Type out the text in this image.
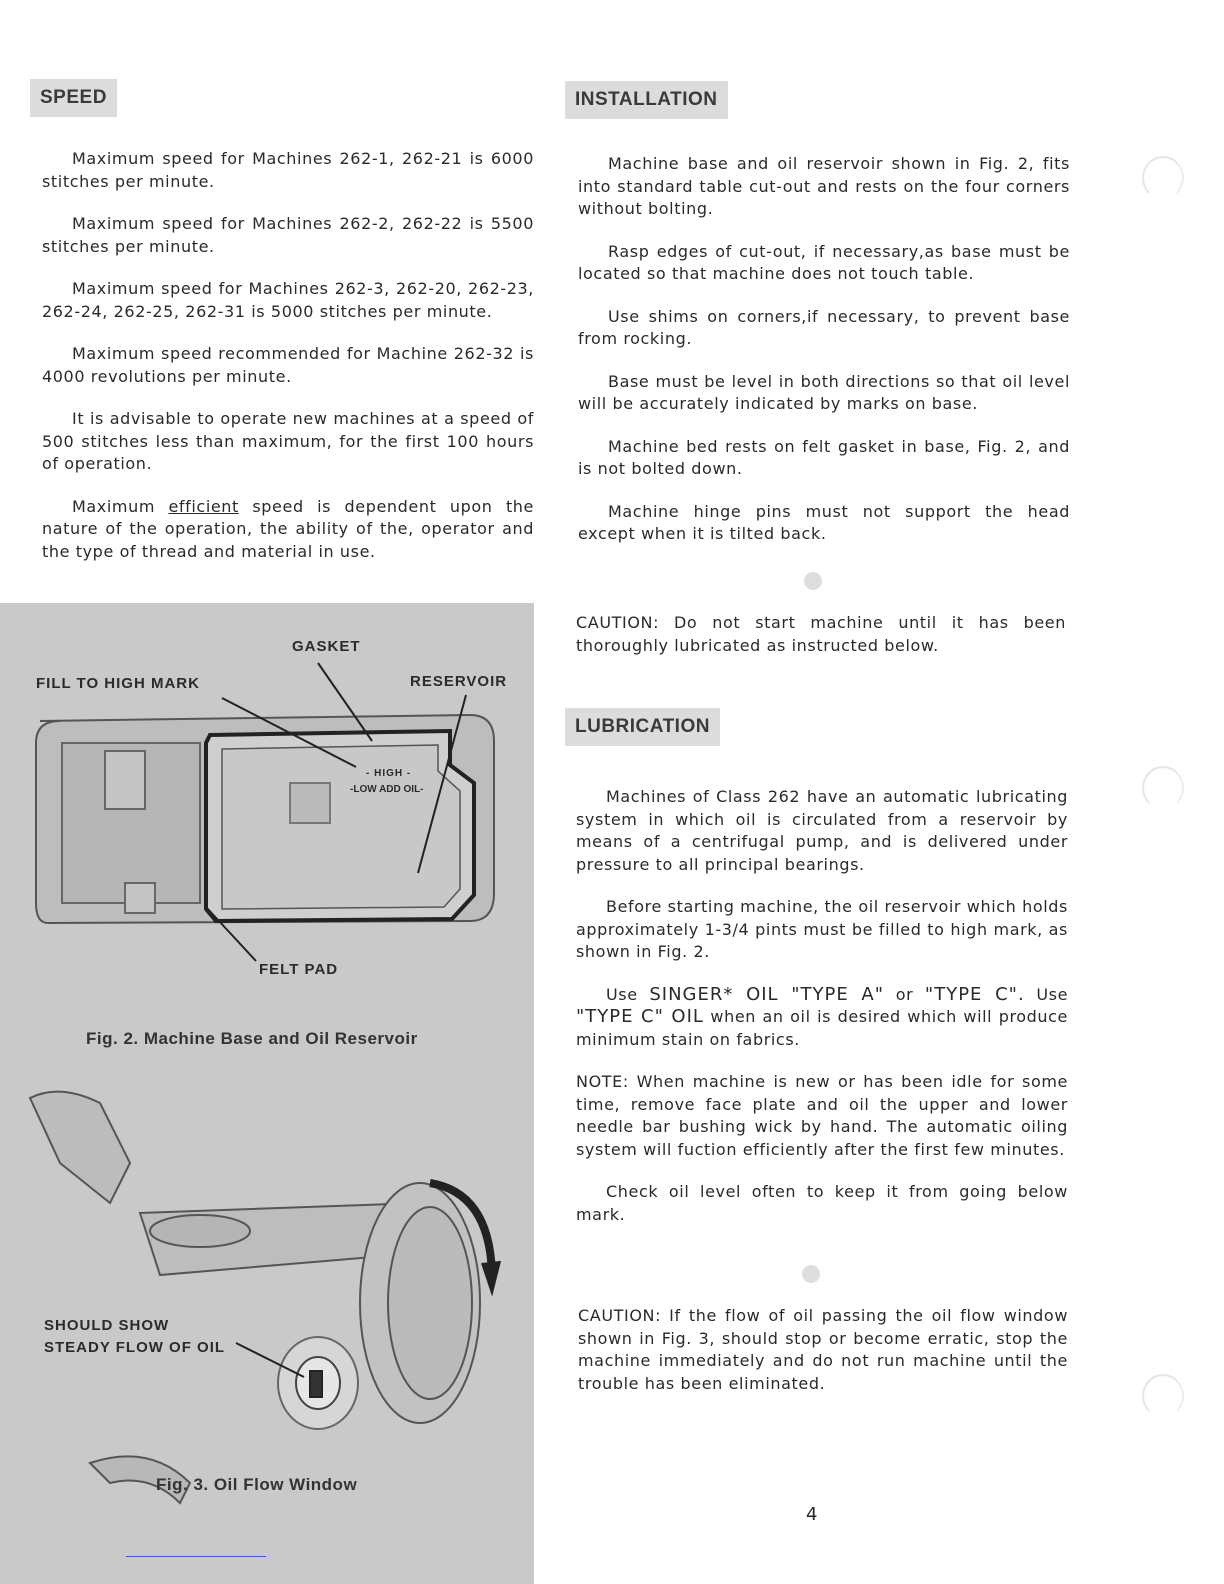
SPEED

Maximum speed for Machines 262-1, 262-21 is 6000 stitches per minute.

Maximum speed for Machines 262-2, 262-22 is 5500 stitches per minute.

Maximum speed for Machines 262-3, 262-20, 262-23, 262-24, 262-25, 262-31 is 5000 stitches per minute.

Maximum speed recommended for Machine 262-32 is 4000 revolutions per minute.

It is advisable to operate new machines at a speed of 500 stitches less than maximum, for the first 100 hours of operation.

Maximum efficient speed is dependent upon the nature of the operation, the ability of the, operator and the type of thread and material in use.

INSTALLATION

Machine base and oil reservoir shown in Fig. 2, fits into standard table cut-out and rests on the four corners without bolting.

Rasp edges of cut-out, if necessary,as base must be located so that machine does not touch table.

Use shims on corners,if necessary, to prevent base from rocking.

Base must be level in both directions so that oil level will be accurately indicated by marks on base.

Machine bed rests on felt gasket in base, Fig. 2, and is not bolted down.

Machine hinge pins must not support the head except when it is tilted back.

CAUTION: Do not start machine until it has been thoroughly lubricated as instructed below.
LUBRICATION

Machines of Class 262 have an automatic lubricating system in which oil is circulated from a reservoir by means of a centrifugal pump, and is delivered under pressure to all principal bearings.

Before starting machine, the oil reservoir which holds approximately 1-3/4 pints must be filled to high mark, as shown in Fig. 2.

Use SINGER* OIL "TYPE A" or "TYPE C". Use "TYPE C" OIL when an oil is desired which will produce minimum stain on fabrics.

NOTE: When machine is new or has been idle for some time, remove face plate and oil the upper and lower needle bar bushing wick by hand. The automatic oiling system will fuction efficiently after the first few minutes.

Check oil level often to keep it from going below mark.

CAUTION: If the flow of oil passing the oil flow window shown in Fig. 3, should stop or become erratic, stop the machine immediately and do not run machine until the trouble has been eliminated.
GASKET
FILL TO HIGH MARK	RESERVOIR
- HIGH -
-LOW ADD OIL-
FELT PAD
Fig. 2. Machine Base and Oil Reservoir
SHOULD SHOW
STEADY FLOW OF OIL
Fig. 3. Oil Flow Window
4
